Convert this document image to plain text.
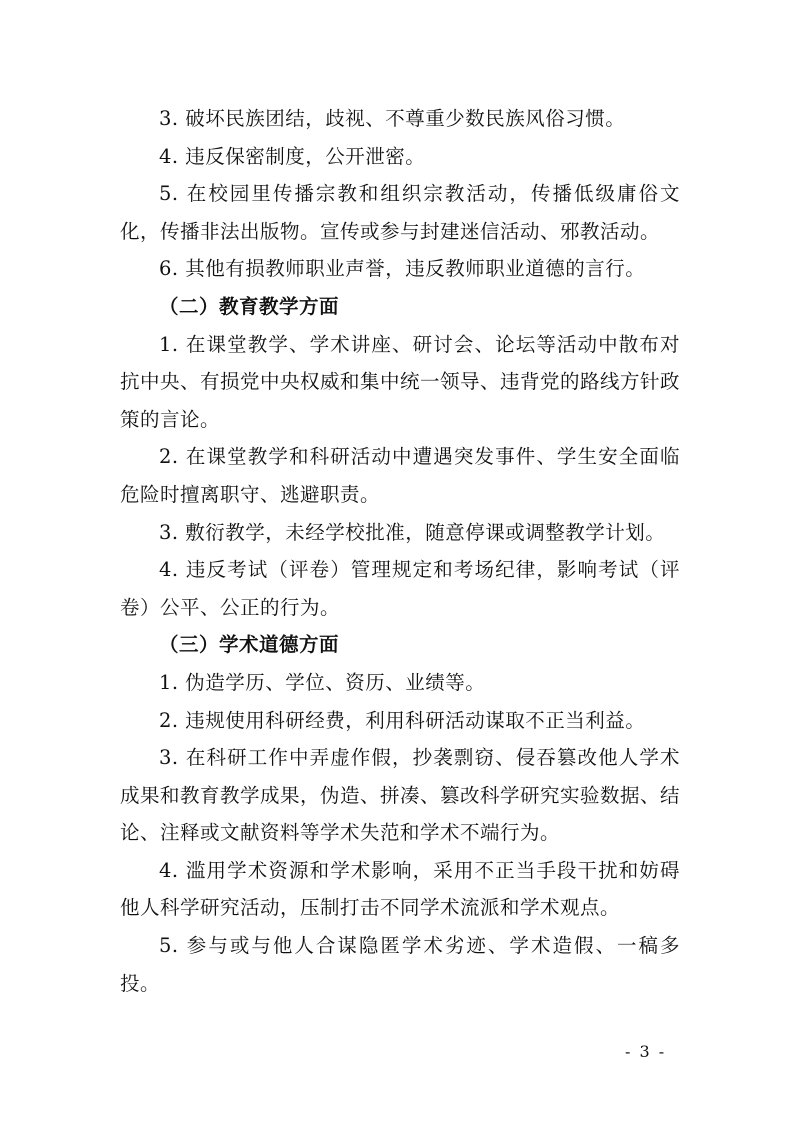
3. 破坏民族团结，歧视、不尊重少数民族风俗习惯。

4. 违反保密制度，公开泄密。

5. 在校园里传播宗教和组织宗教活动，传播低级庸俗文化，传播非法出版物。宣传或参与封建迷信活动、邪教活动。

6. 其他有损教师职业声誉，违反教师职业道德的言行。

（二）教育教学方面

1. 在课堂教学、学术讲座、研讨会、论坛等活动中散布对抗中央、有损党中央权威和集中统一领导、违背党的路线方针政策的言论。

2. 在课堂教学和科研活动中遭遇突发事件、学生安全面临危险时擅离职守、逃避职责。

3. 敷衍教学，未经学校批准，随意停课或调整教学计划。

4. 违反考试（评卷）管理规定和考场纪律，影响考试（评卷）公平、公正的行为。

（三）学术道德方面

1. 伪造学历、学位、资历、业绩等。

2. 违规使用科研经费，利用科研活动谋取不正当利益。

3. 在科研工作中弄虚作假，抄袭剽窃、侵吞篡改他人学术成果和教育教学成果，伪造、拼凑、篡改科学研究实验数据、结论、注释或文献资料等学术失范和学术不端行为。

4. 滥用学术资源和学术影响，采用不正当手段干扰和妨碍他人科学研究活动，压制打击不同学术流派和学术观点。

5. 参与或与他人合谋隐匿学术劣迹、学术造假、一稿多投。

- 3 -
